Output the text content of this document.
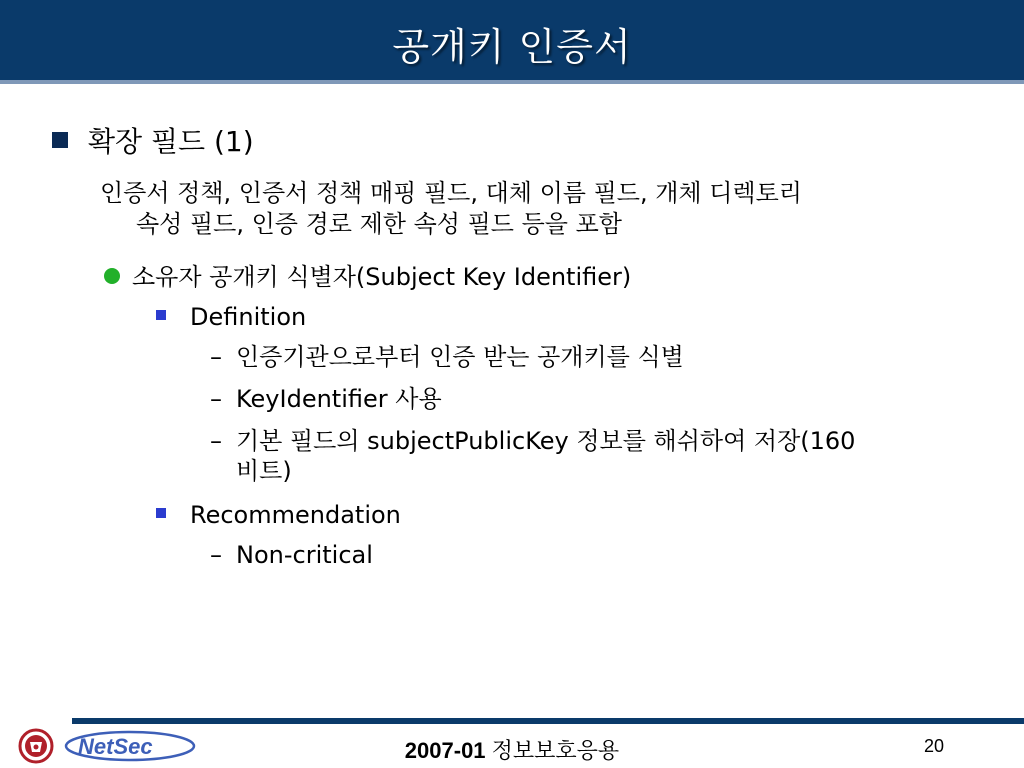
공개키 인증서
확장 필드 (1)
인증서 정책, 인증서 정책 매핑 필드, 대체 이름 필드, 개체 디렉토리
속성 필드, 인증 경로 제한 속성 필드 등을 포함
소유자 공개키 식별자(Subject Key Identifier)
Definition
– 인증기관으로부터 인증 받는 공개키를 식별
– KeyIdentifier 사용
– 기본 필드의 subjectPublicKey 정보를 해쉬하여 저장(160
비트)
Recommendation
– Non-critical
NetSec	2007-01 정보보호응용	20
